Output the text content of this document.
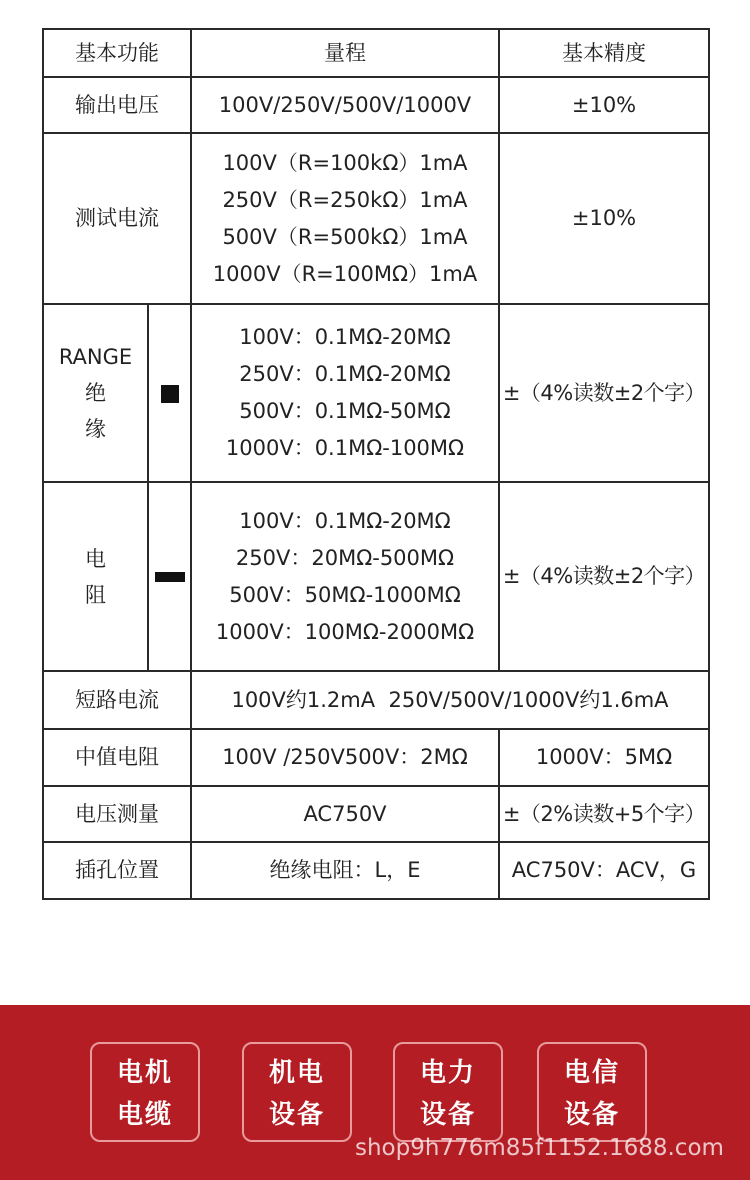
基本功能		量程	基本精度
输出电压		100V/250V/500V/1000V	±10%
测试电流		100V（R=100kΩ）1mA
250V（R=250kΩ）1mA
500V（R=500kΩ）1mA
1000V（R=100MΩ）1mA	±10%

RANGE
绝
缘		100V：0.1MΩ-20MΩ
250V：0.1MΩ-20MΩ
500V：0.1MΩ-50MΩ
1000V：0.1MΩ-100MΩ	±（4%读数±2个字）

电
阻		100V：0.1MΩ-20MΩ
250V：20MΩ-500MΩ
500V：50MΩ-1000MΩ
1000V：100MΩ-2000MΩ	±（4%读数±2个字）
短路电流		100V约1.2mA  250V/500V/1000V约1.6mA	
中值电阻		100V /250V500V：2MΩ	1000V：5MΩ
电压测量		AC750V	±（2%读数+5个字）
插孔位置		绝缘电阻：L，E	AC750V：ACV，G
电机
电缆
机电
设备
电力
设备
电信
设备
shop9h776m85f1152.1688.com
